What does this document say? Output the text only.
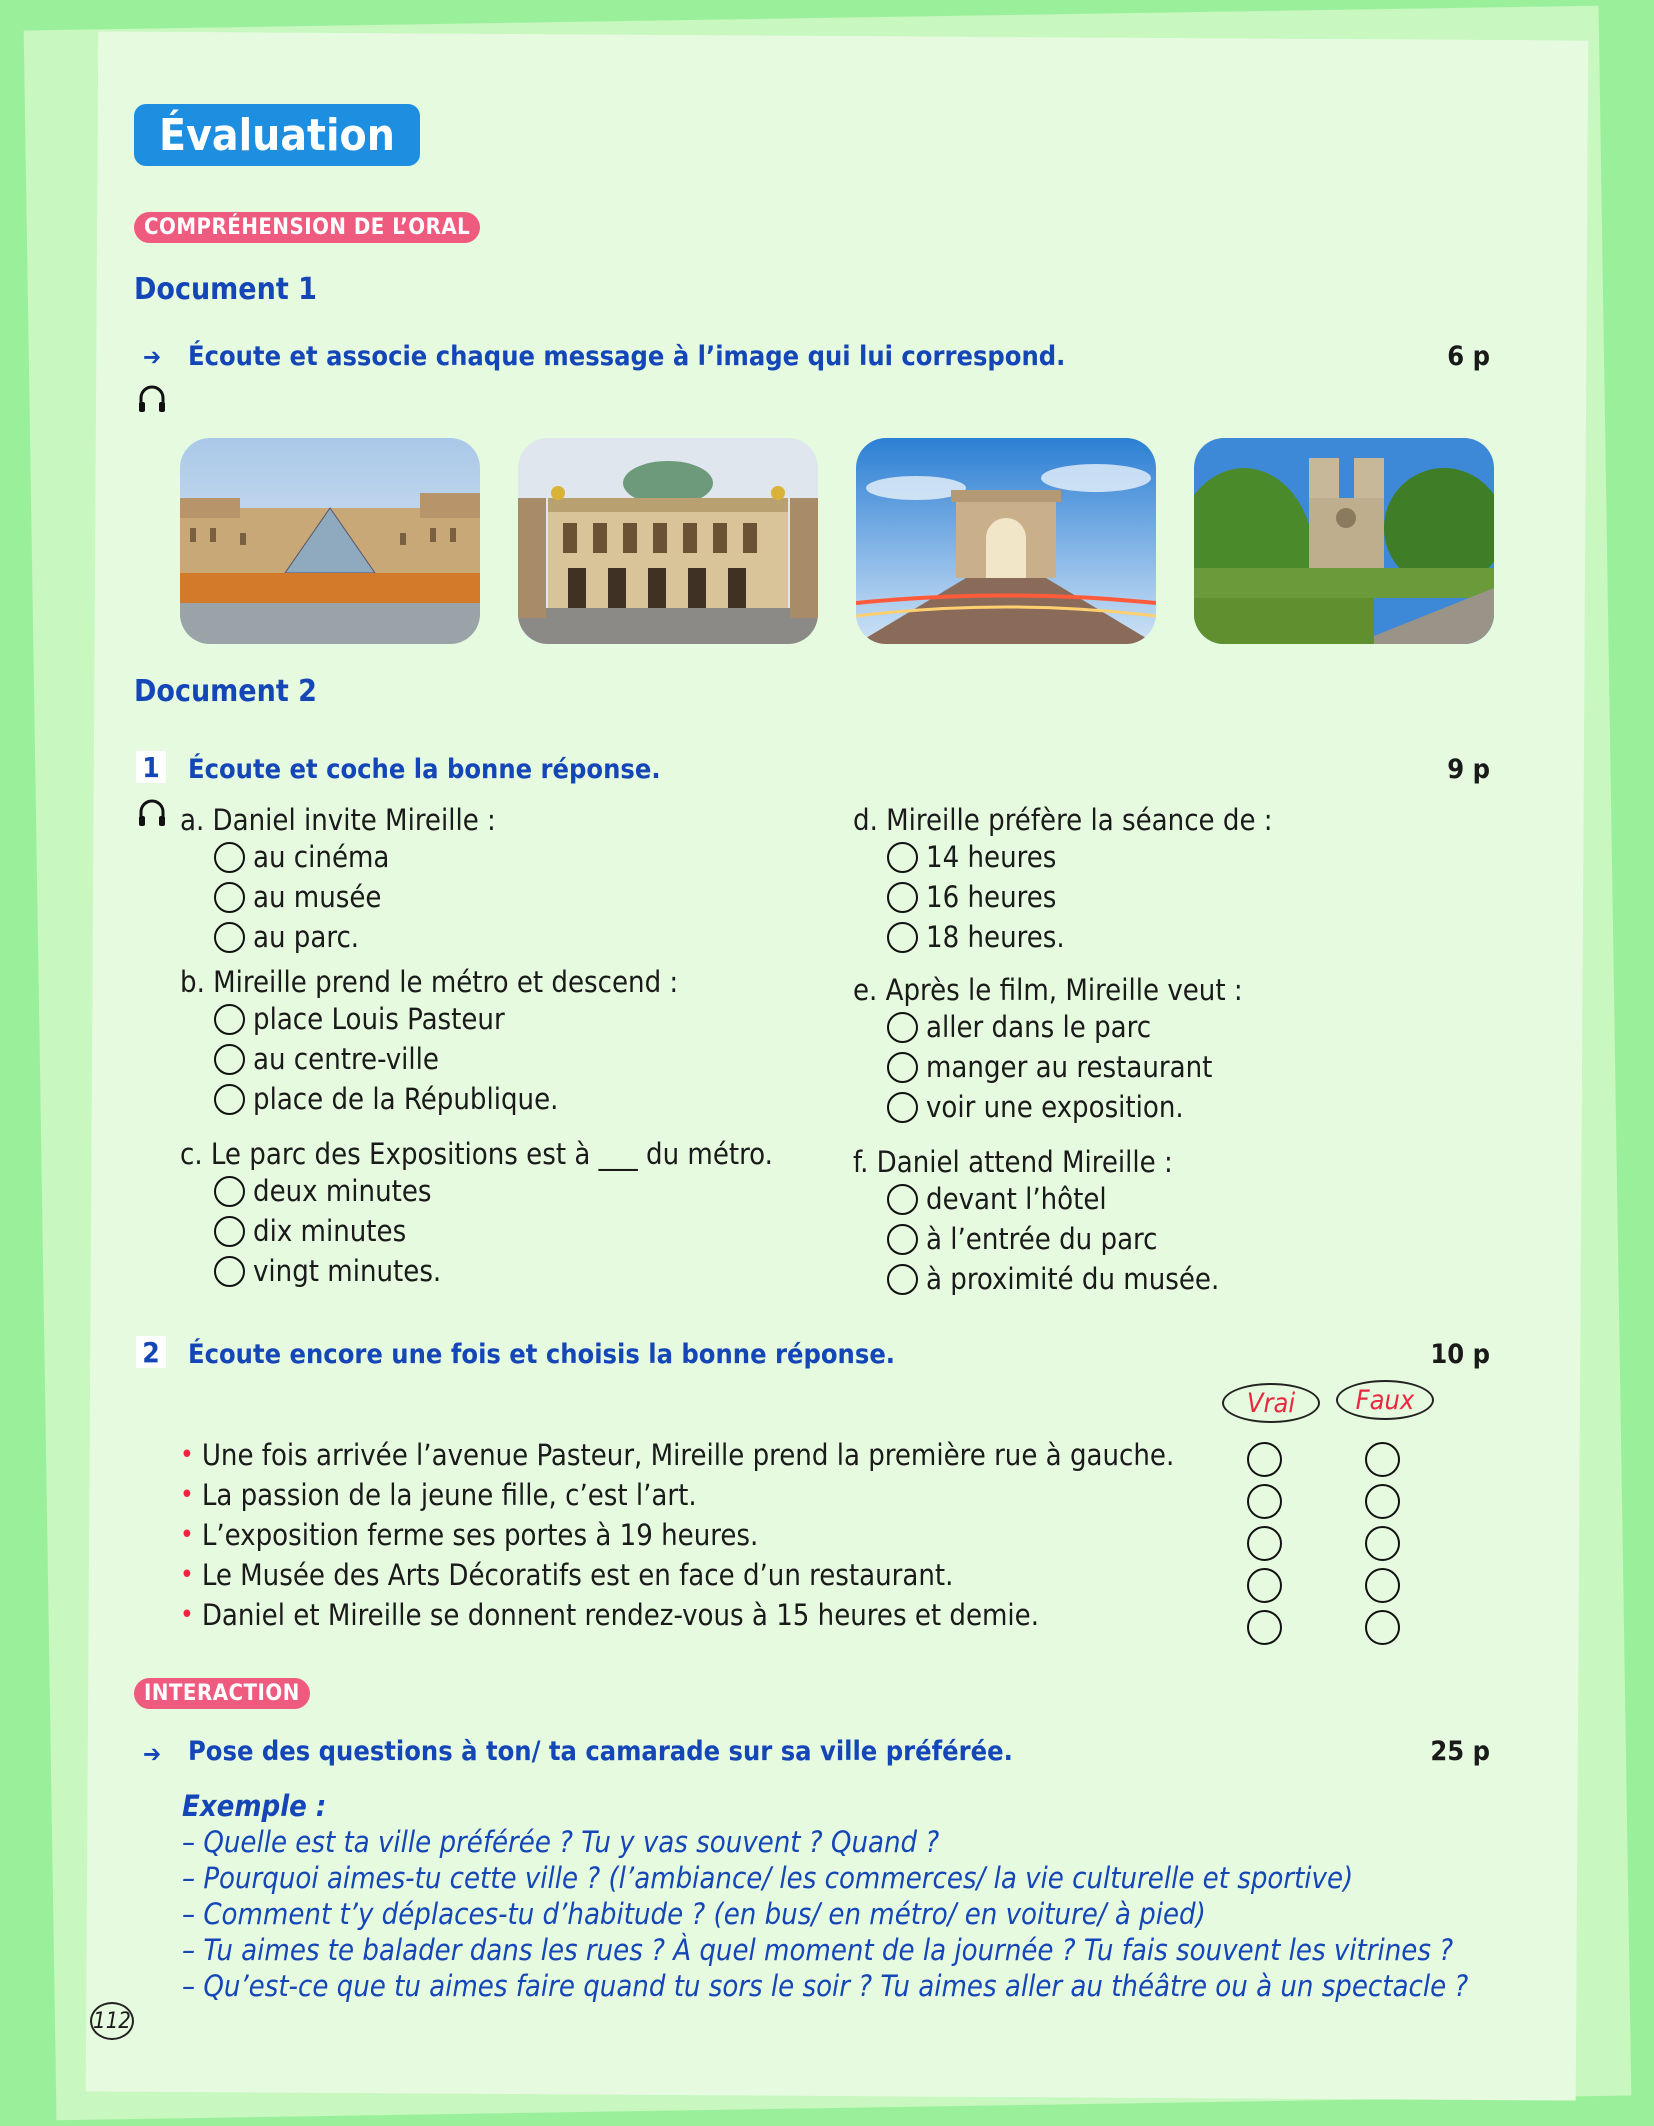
Évaluation
COMPRÉHENSION DE L’ORAL
Document 1
➔ Écoute et associe chaque message à l’image qui lui correspond.	6 p
Document 2
1 Écoute et coche la bonne réponse.	9 p
a. Daniel invite Mireille :
au cinéma
au musée
au parc.
b. Mireille prend le métro et descend :
place Louis Pasteur
au centre-ville
place de la République.
c. Le parc des Expositions est à ___ du métro.
deux minutes
dix minutes
vingt minutes.
d. Mireille préfère la séance de :
14 heures
16 heures
18 heures.
e. Après le film, Mireille veut :
aller dans le parc
manger au restaurant
voir une exposition.
f. Daniel attend Mireille :
devant l’hôtel
à l’entrée du parc
à proximité du musée.
2 Écoute encore une fois et choisis la bonne réponse.	10 p
Vrai	Faux
• Une fois arrivée l’avenue Pasteur, Mireille prend la première rue à gauche.
• La passion de la jeune fille, c’est l’art.
• L’exposition ferme ses portes à 19 heures.
• Le Musée des Arts Décoratifs est en face d’un restaurant.
• Daniel et Mireille se donnent rendez-vous à 15 heures et demie.
INTERACTION
➔ Pose des questions à ton/ ta camarade sur sa ville préférée.	25 p
Exemple :
– Quelle est ta ville préférée ? Tu y vas souvent ? Quand ?
– Pourquoi aimes-tu cette ville ? (l’ambiance/ les commerces/ la vie culturelle et sportive)
– Comment t’y déplaces-tu d’habitude ? (en bus/ en métro/ en voiture/ à pied)
– Tu aimes te balader dans les rues ? À quel moment de la journée ? Tu fais souvent les vitrines ?
– Qu’est-ce que tu aimes faire quand tu sors le soir ? Tu aimes aller au théâtre ou à un spectacle ?
112
